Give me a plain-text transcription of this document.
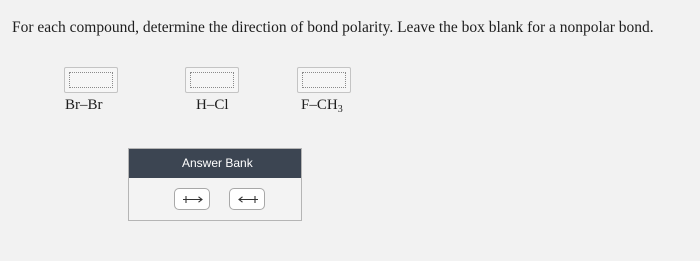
For each compound, determine the direction of bond polarity. Leave the box blank for a nonpolar bond.
Br–Br	H–Cl	$F-CH_3$
Answer Bank
